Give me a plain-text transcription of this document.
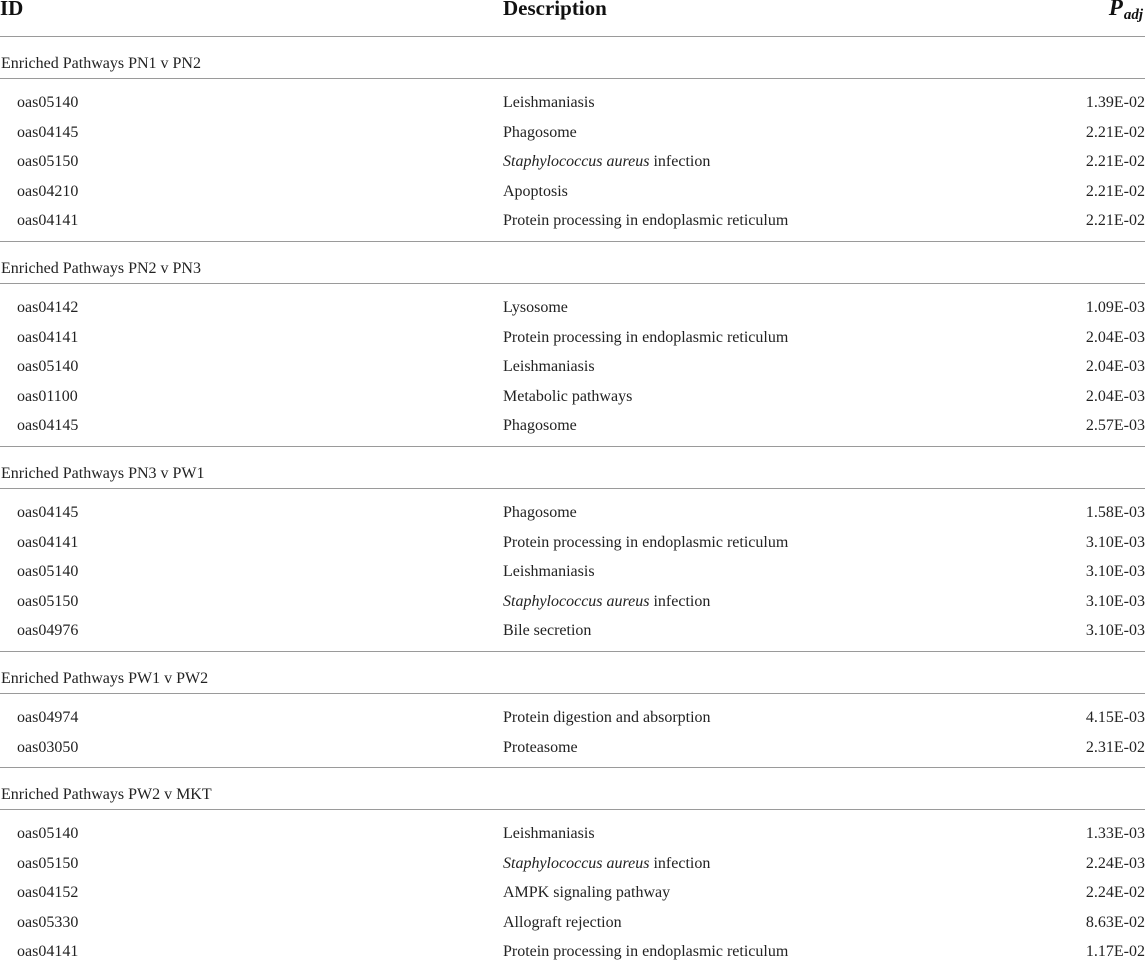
ID	Description	$P_{adj}$
Enriched Pathways PN1 v PN2
oas05140	Leishmaniasis	1.39E-02
oas04145	Phagosome	2.21E-02
oas05150	Staphylococcus aureus infection	2.21E-02
oas04210	Apoptosis	2.21E-02
oas04141	Protein processing in endoplasmic reticulum	2.21E-02
Enriched Pathways PN2 v PN3
oas04142	Lysosome	1.09E-03
oas04141	Protein processing in endoplasmic reticulum	2.04E-03
oas05140	Leishmaniasis	2.04E-03
oas01100	Metabolic pathways	2.04E-03
oas04145	Phagosome	2.57E-03
Enriched Pathways PN3 v PW1
oas04145	Phagosome	1.58E-03
oas04141	Protein processing in endoplasmic reticulum	3.10E-03
oas05140	Leishmaniasis	3.10E-03
oas05150	Staphylococcus aureus infection	3.10E-03
oas04976	Bile secretion	3.10E-03
Enriched Pathways PW1 v PW2
oas04974	Protein digestion and absorption	4.15E-03
oas03050	Proteasome	2.31E-02
Enriched Pathways PW2 v MKT
oas05140	Leishmaniasis	1.33E-03
oas05150	Staphylococcus aureus infection	2.24E-03
oas04152	AMPK signaling pathway	2.24E-02
oas05330	Allograft rejection	8.63E-02
oas04141	Protein processing in endoplasmic reticulum	1.17E-02
